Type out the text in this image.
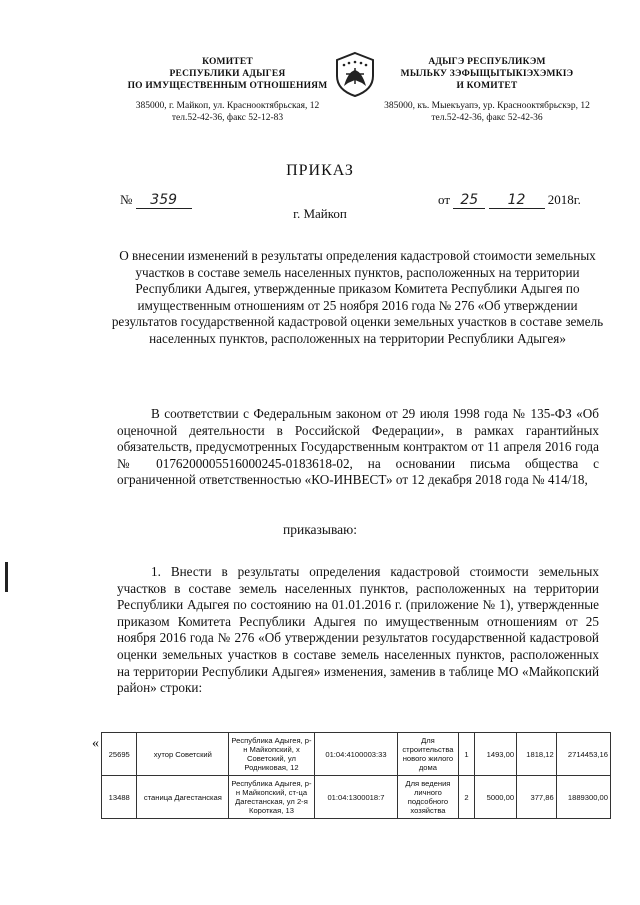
КОМИТЕТ
РЕСПУБЛИКИ АДЫГЕЯ
ПО ИМУЩЕСТВЕННЫМ ОТНОШЕНИЯМ
385000, г. Майкоп, ул. Краснооктябрьская, 12
тел.52-42-36, факс 52-12-83
АДЫГЭ РЕСПУБЛИКЭМ
МЫЛЬКУ ЗЭФЫЩЫТЫКIЭХЭМКIЭ
И КОМИТЕТ
385000, къ. Мыекъуапэ, ур. Краснооктябрьскэр, 12
тел.52-42-36, факс 52-42-36
ПРИКАЗ
№ 359	от 25 12 2018г.
г. Майкоп
О внесении изменений в результаты определения кадастровой стоимости земельных участков в составе земель населенных пунктов, расположенных на территории Республики Адыгея, утвержденные приказом Комитета Республики Адыгея по имущественным отношениям от 25 ноября 2016 года № 276 «Об утверждении результатов государственной кадастровой оценки земельных участков в составе земель населенных пунктов, расположенных на территории Республики Адыгея»
В соответствии с Федеральным законом от 29 июля 1998 года № 135-ФЗ «Об оценочной деятельности в Российской Федерации», в рамках гарантийных обязательств, предусмотренных Государственным контрактом от 11 апреля 2016 года № 0176200005516000245-0183618-02, на основании письма общества с ограниченной ответственностью «КО-ИНВЕСТ» от 12 декабря 2018 года № 414/18,
приказываю:
1. Внести в результаты определения кадастровой стоимости земельных участков в составе земель населенных пунктов, расположенных на территории Республики Адыгея по состоянию на 01.01.2016 г. (приложение № 1), утвержденные приказом Комитета Республики Адыгея по имущественным отношениям от 25 ноября 2016 года № 276 «Об утверждении результатов государственной кадастровой оценки земельных участков в составе земель населенных пунктов, расположенных на территории Республики Адыгея» изменения, заменив в таблице МО «Майкопский район» строки:
«
25695	хутор Советский	Республика Адыгея, р-н Майкопский, х Советский, ул Родниковая, 12	01:04:4100003:33	Для строительства нового жилого дома	1	1493,00	1818,12	2714453,16
13488	станица Дагестанская	Республика Адыгея, р-н Майкопский, ст-ца Дагестанская, ул 2-я Короткая, 13	01:04:1300018:7	Для ведения личного подсобного хозяйства	2	5000,00	377,86	1889300,00
